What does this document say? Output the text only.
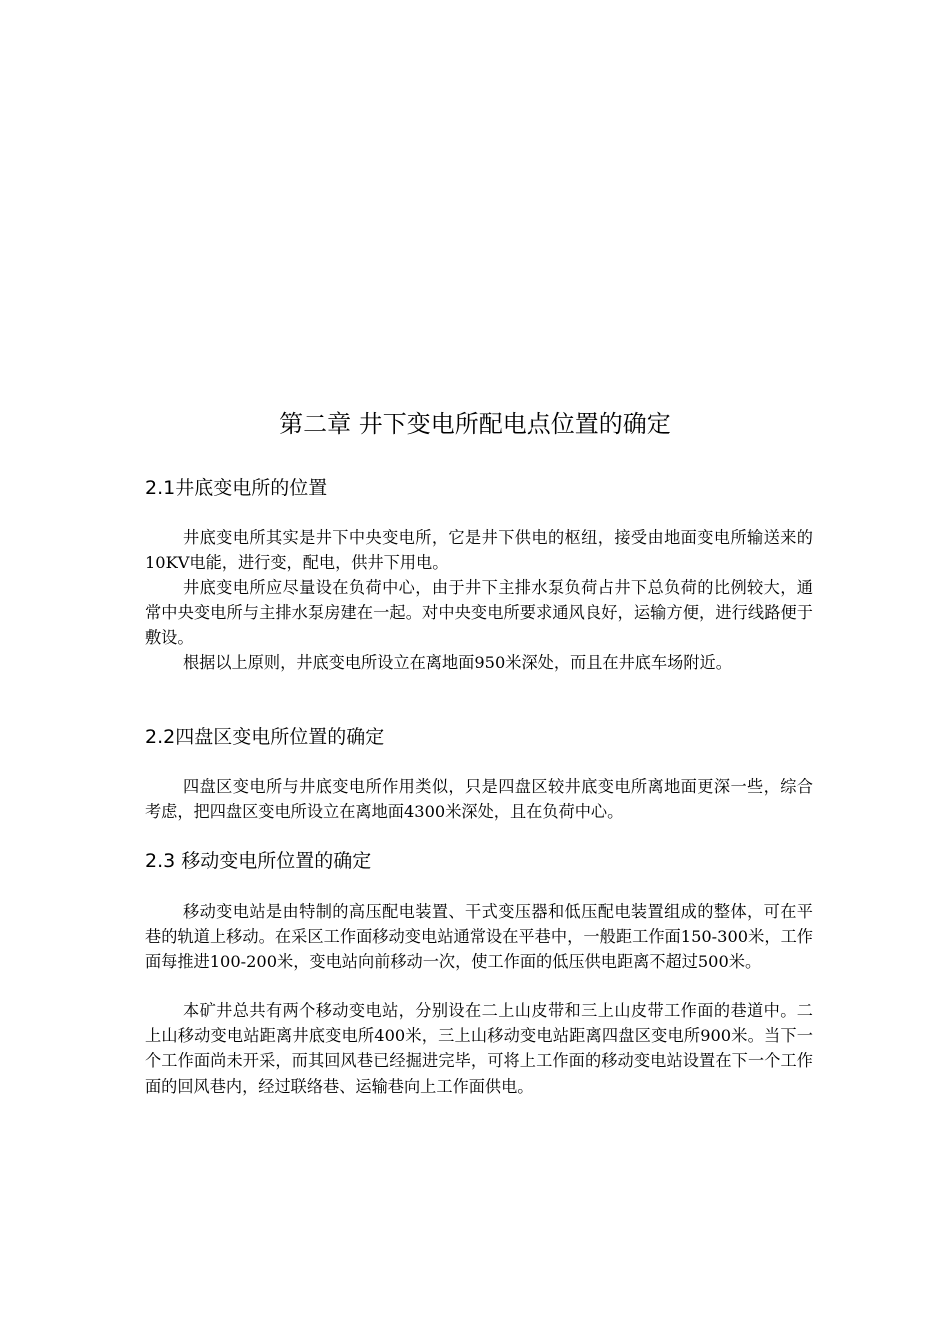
第二章 井下变电所配电点位置的确定
2.1井底变电所的位置

井底变电所其实是井下中央变电所，它是井下供电的枢纽，接受由地面变电所输送来的10KV电能，进行变，配电，供井下用电。

井底变电所应尽量设在负荷中心，由于井下主排水泵负荷占井下总负荷的比例较大，通常中央变电所与主排水泵房建在一起。对中央变电所要求通风良好，运输方便，进行线路便于敷设。

根据以上原则，井底变电所设立在离地面950米深处，而且在井底车场附近。

2.2四盘区变电所位置的确定

四盘区变电所与井底变电所作用类似，只是四盘区较井底变电所离地面更深一些，综合考虑，把四盘区变电所设立在离地面4300米深处，且在负荷中心。

2.3 移动变电所位置的确定

移动变电站是由特制的高压配电装置、干式变压器和低压配电装置组成的整体，可在平巷的轨道上移动。在采区工作面移动变电站通常设在平巷中，一般距工作面150-300米，工作面每推进100-200米，变电站向前移动一次，使工作面的低压供电距离不超过500米。

本矿井总共有两个移动变电站，分别设在二上山皮带和三上山皮带工作面的巷道中。二上山移动变电站距离井底变电所400米，三上山移动变电站距离四盘区变电所900米。当下一个工作面尚未开采，而其回风巷已经掘进完毕，可将上工作面的移动变电站设置在下一个工作面的回风巷内，经过联络巷、运输巷向上工作面供电。
